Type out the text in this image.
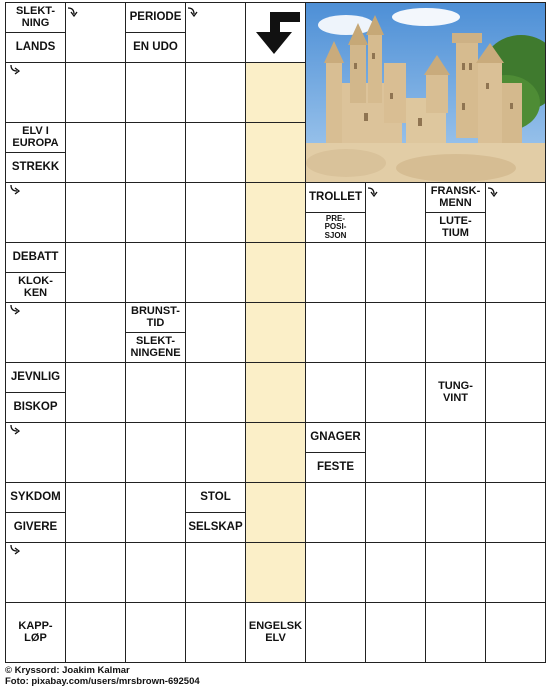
SLEKT-
NING
LANDS
PERIODE
EN UDO
ELV I
EUROPA
STREKK
TROLLET
PRE-
POSI-
SJON
FRANSK-
MENN
LUTE-
TIUM
DEBATT
KLOK-
KEN
BRUNST-
TID
SLEKT-
NINGENE
JEVNLIG
BISKOP
TUNG-
VINT
GNAGER
FESTE
SYKDOM
GIVERE
STOL
SELSKAP
KAPP-
LØP
ENGELSK
ELV
© Kryssord: Joakim Kalmar
Foto: pixabay.com/users/mrsbrown-692504
